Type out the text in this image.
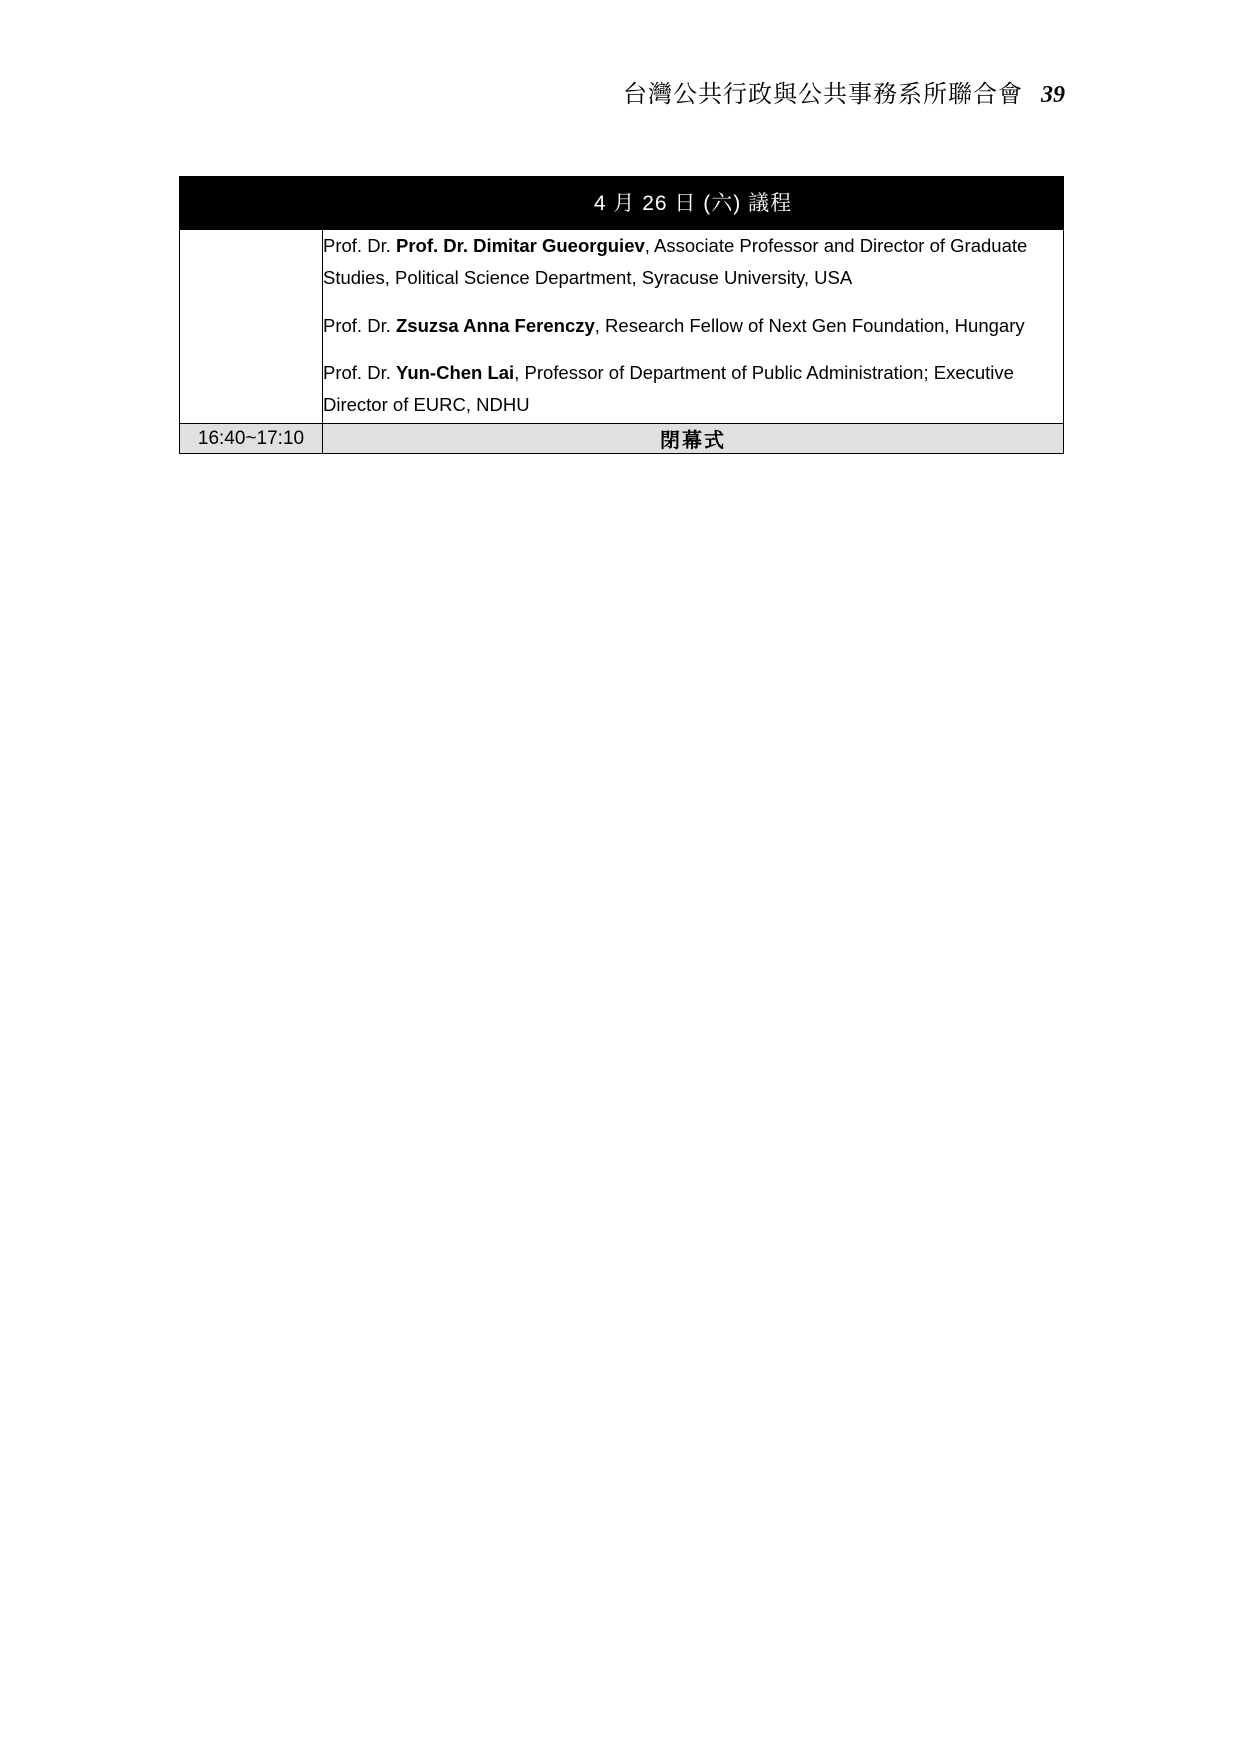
台灣公共行政與公共事務系所聯合會 39
	4 月 26 日 (六) 議程

	Prof. Dr. Prof. Dr. Dimitar Gueorguiev, Associate Professor and Director of Graduate Studies, Political Science Department, Syracuse University, USA

Prof. Dr. Zsuzsa Anna Ferenczy, Research Fellow of Next Gen Foundation, Hungary

Prof. Dr. Yun-Chen Lai, Professor of Department of Public Administration; Executive Director of EURC, NDHU

16:40~17:10	閉幕式
